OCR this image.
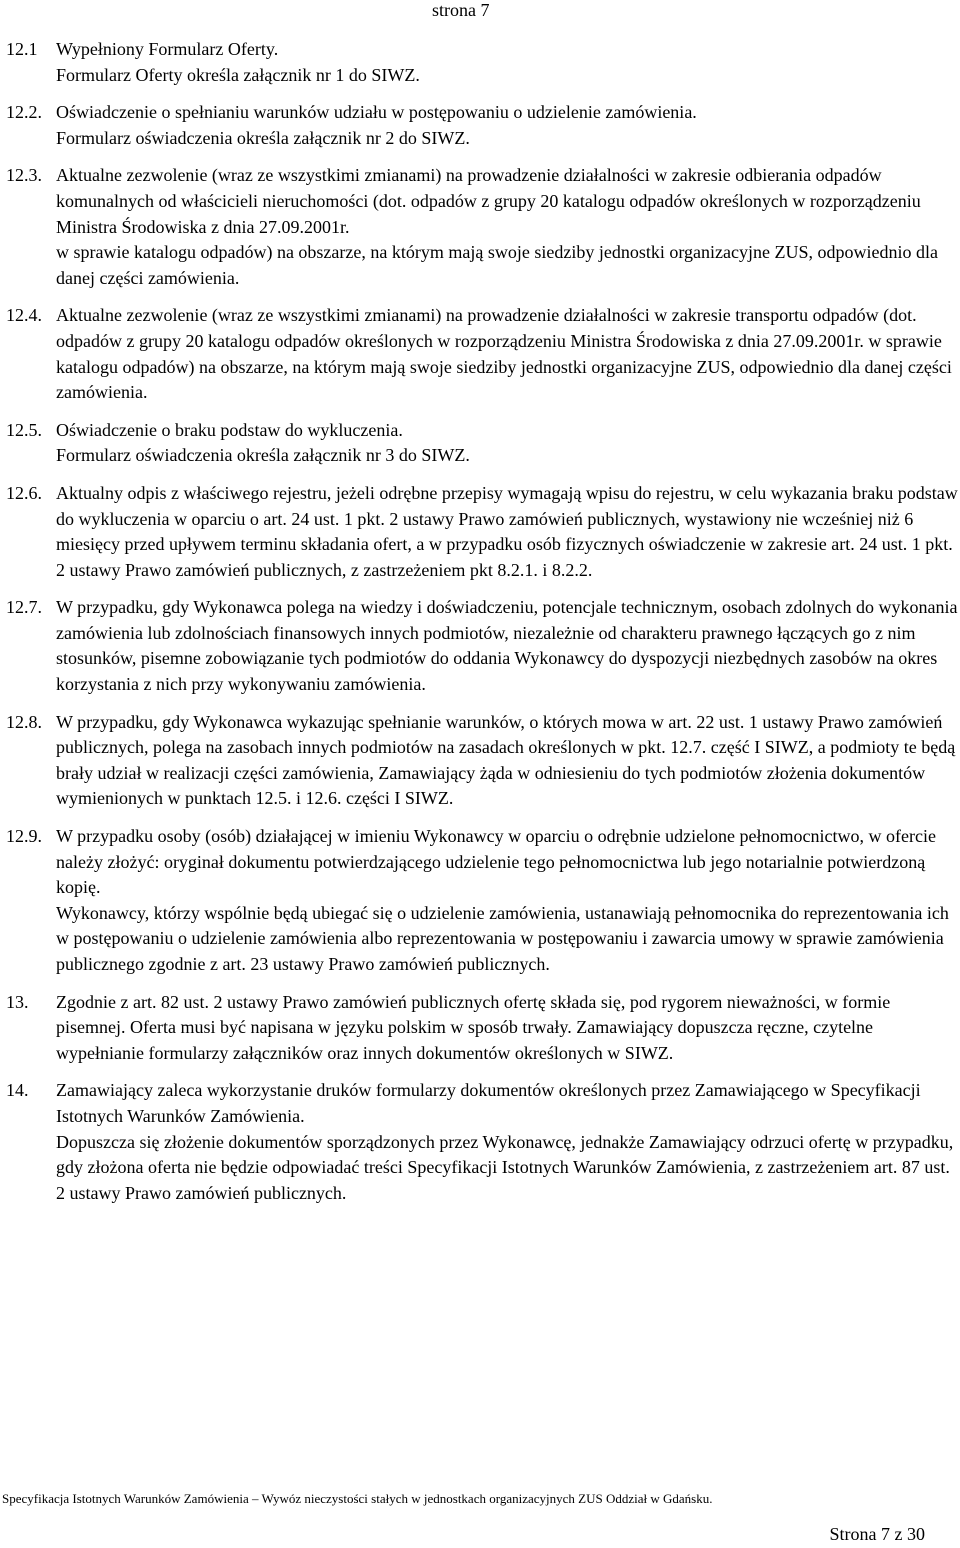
strona 7
12.1 Wypełniony Formularz Oferty.

Formularz Oferty określa załącznik nr 1 do SIWZ.

12.2. Oświadczenie o spełnianiu warunków udziału w postępowaniu o udzielenie zamówienia.

Formularz oświadczenia określa załącznik nr 2 do SIWZ.

12.3. Aktualne zezwolenie (wraz ze wszystkimi zmianami) na prowadzenie działalności w zakresie odbierania odpadów komunalnych od właścicieli nieruchomości (dot. odpadów z grupy 20 katalogu odpadów określonych w rozporządzeniu Ministra Środowiska z dnia 27.09.2001r.

w sprawie katalogu odpadów) na obszarze, na którym mają swoje siedziby jednostki organizacyjne ZUS, odpowiednio dla danej części zamówienia.

12.4. Aktualne zezwolenie (wraz ze wszystkimi zmianami) na prowadzenie działalności w zakresie transportu odpadów (dot. odpadów z grupy 20 katalogu odpadów określonych w rozporządzeniu Ministra Środowiska z dnia 27.09.2001r. w sprawie katalogu odpadów) na obszarze, na którym mają swoje siedziby jednostki organizacyjne ZUS, odpowiednio dla danej części zamówienia.

12.5. Oświadczenie o braku podstaw do wykluczenia.

Formularz oświadczenia określa załącznik nr 3 do SIWZ.

12.6. Aktualny odpis z właściwego rejestru, jeżeli odrębne przepisy wymagają wpisu do rejestru, w celu wykazania braku podstaw do wykluczenia w oparciu o art. 24 ust. 1 pkt. 2 ustawy Prawo zamówień publicznych, wystawiony nie wcześniej niż 6 miesięcy przed upływem terminu składania ofert, a w przypadku osób fizycznych oświadczenie w zakresie art. 24 ust. 1 pkt. 2 ustawy Prawo zamówień publicznych, z zastrzeżeniem pkt 8.2.1. i 8.2.2.

12.7. W przypadku, gdy Wykonawca polega na wiedzy i doświadczeniu, potencjale technicznym, osobach zdolnych do wykonania zamówienia lub zdolnościach finansowych innych podmiotów, niezależnie od charakteru prawnego łączących go z nim stosunków, pisemne zobowiązanie tych podmiotów do oddania Wykonawcy do dyspozycji niezbędnych zasobów na okres korzystania z nich przy wykonywaniu zamówienia.

12.8. W przypadku, gdy Wykonawca wykazując spełnianie warunków, o których mowa w art. 22 ust. 1 ustawy Prawo zamówień publicznych, polega na zasobach innych podmiotów na zasadach określonych w pkt. 12.7. część I SIWZ, a podmioty te będą brały udział w realizacji części zamówienia, Zamawiający żąda w odniesieniu do tych podmiotów złożenia dokumentów wymienionych w punktach 12.5. i 12.6. części I SIWZ.

12.9. W przypadku osoby (osób) działającej w imieniu Wykonawcy w oparciu o odrębnie udzielone pełnomocnictwo, w ofercie należy złożyć: oryginał dokumentu potwierdzającego udzielenie tego pełnomocnictwa lub jego notarialnie potwierdzoną kopię.

Wykonawcy, którzy wspólnie będą ubiegać się o udzielenie zamówienia, ustanawiają pełnomocnika do reprezentowania ich w postępowaniu o udzielenie zamówienia albo reprezentowania w postępowaniu i zawarcia umowy w sprawie zamówienia publicznego zgodnie z art. 23 ustawy Prawo zamówień publicznych.

13. Zgodnie z art. 82 ust. 2 ustawy Prawo zamówień publicznych ofertę składa się, pod rygorem nieważności, w formie pisemnej. Oferta musi być napisana w języku polskim w sposób trwały. Zamawiający dopuszcza ręczne, czytelne wypełnianie formularzy załączników oraz innych dokumentów określonych w SIWZ.

14. Zamawiający zaleca wykorzystanie druków formularzy dokumentów określonych przez Zamawiającego w Specyfikacji Istotnych Warunków Zamówienia.

Dopuszcza się złożenie dokumentów sporządzonych przez Wykonawcę, jednakże Zamawiający odrzuci ofertę w przypadku, gdy złożona oferta nie będzie odpowiadać treści Specyfikacji Istotnych Warunków Zamówienia, z zastrzeżeniem art. 87 ust. 2 ustawy Prawo zamówień publicznych.

Specyfikacja Istotnych Warunków Zamówienia – Wywóz nieczystości stałych w jednostkach organizacyjnych ZUS Oddział w Gdańsku.
Strona 7 z 30
